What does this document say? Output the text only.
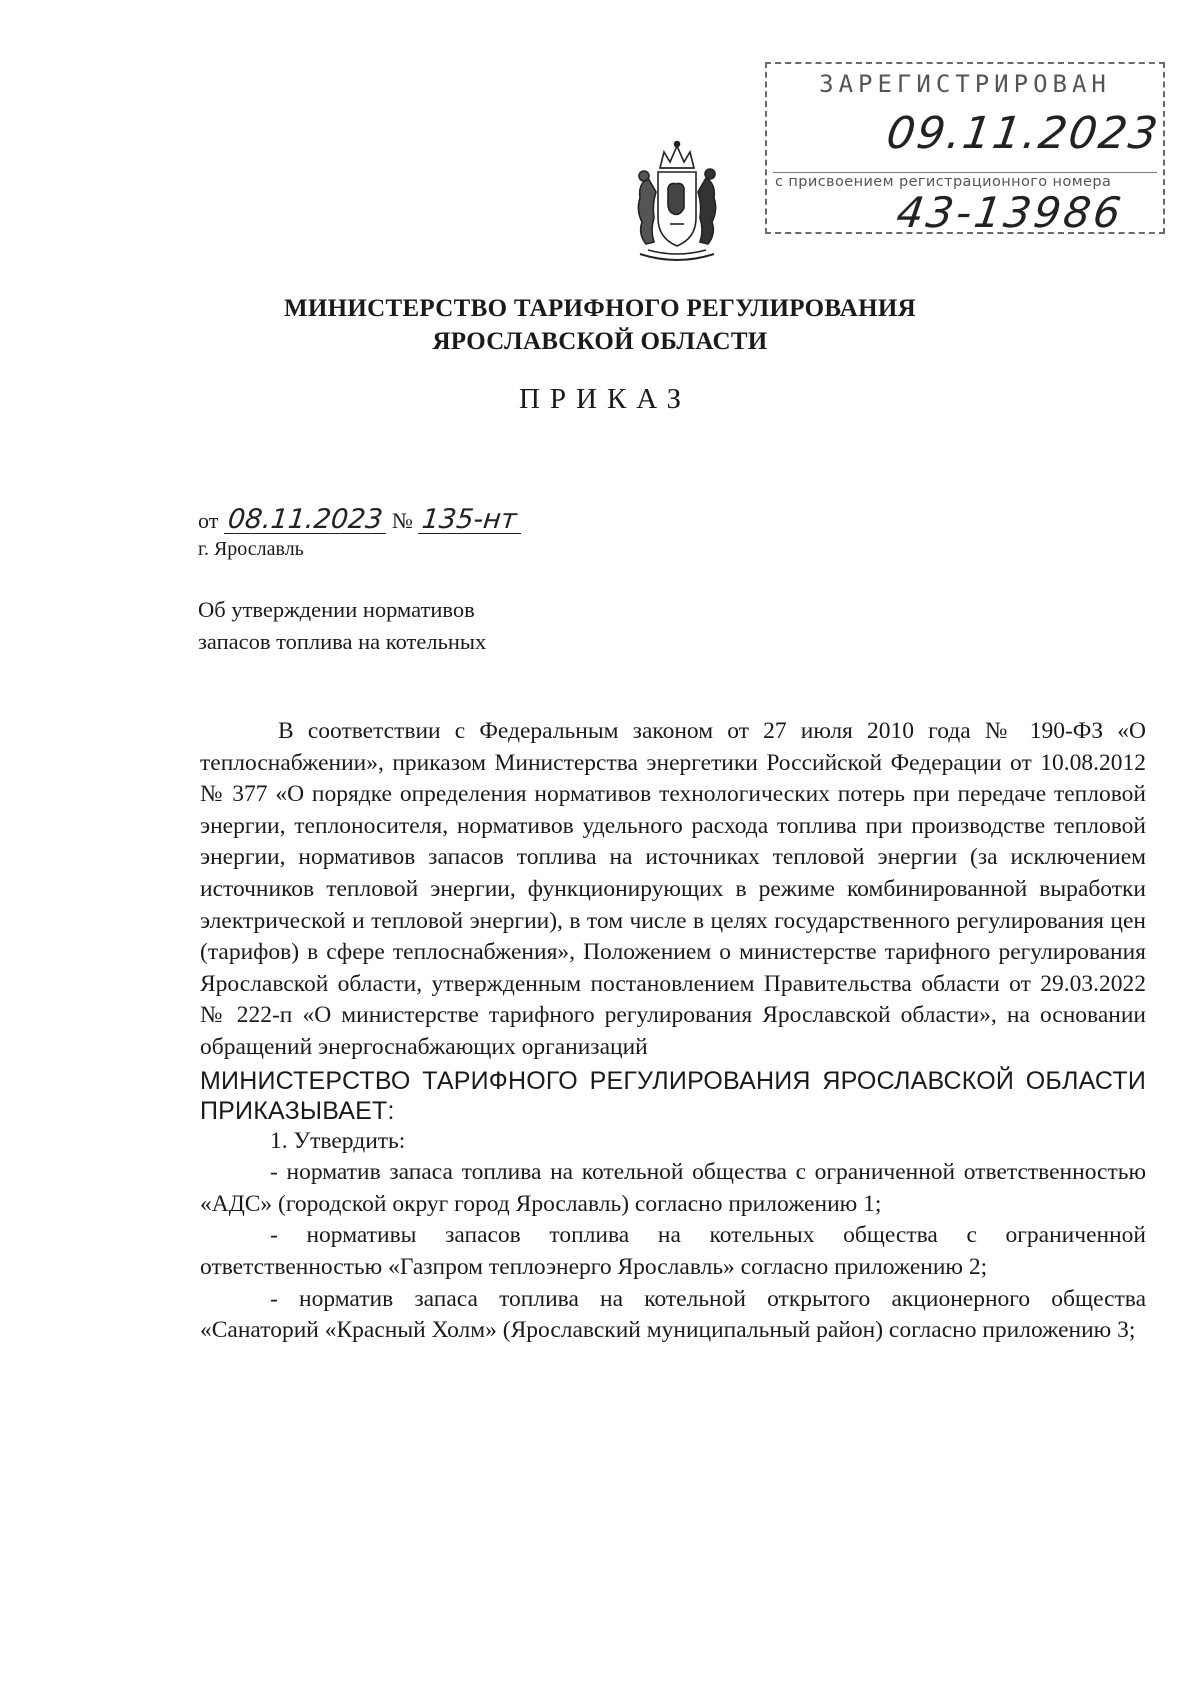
ЗАРЕГИСТРИРОВАН
09.11.2023
с присвоением регистрационного номера
43-13986
МИНИСТЕРСТВО ТАРИФНОГО РЕГУЛИРОВАНИЯ
ЯРОСЛАВСКОЙ ОБЛАСТИ
ПРИКАЗ
от 08.11.2023 № 135-нт
г. Ярославль
Об утверждении нормативов
запасов топлива на котельных

В соответствии с Федеральным законом от 27 июля 2010 года № 190-ФЗ «О теплоснабжении», приказом Министерства энергетики Российской Федерации от 10.08.2012 № 377 «О порядке определения нормативов технологических потерь при передаче тепловой энергии, теплоносителя, нормативов удельного расхода топлива при производстве тепловой энергии, нормативов запасов топлива на источниках тепловой энергии (за исключением источников тепловой энергии, функционирующих в режиме комбинированной выработки электрической и тепловой энергии), в том числе в целях государственного регулирования цен (тарифов) в сфере теплоснабжения», Положением о министерстве тарифного регулирования Ярославской области, утвержденным постановлением Правительства области от 29.03.2022 № 222-п «О министерстве тарифного регулирования Ярославской области», на основании обращений энергоснабжающих организаций

МИНИСТЕРСТВО ТАРИФНОГО РЕГУЛИРОВАНИЯ ЯРОСЛАВСКОЙ ОБЛАСТИ ПРИКАЗЫВАЕТ:

1. Утвердить:

- норматив запаса топлива на котельной общества с ограниченной ответственностью «АДС» (городской округ город Ярославль) согласно приложению 1;

- нормативы запасов топлива на котельных общества с ограниченной ответственностью «Газпром теплоэнерго Ярославль» согласно приложению 2;

- норматив запаса топлива на котельной открытого акционерного общества «Санаторий «Красный Холм» (Ярославский муниципальный район) согласно приложению 3;
